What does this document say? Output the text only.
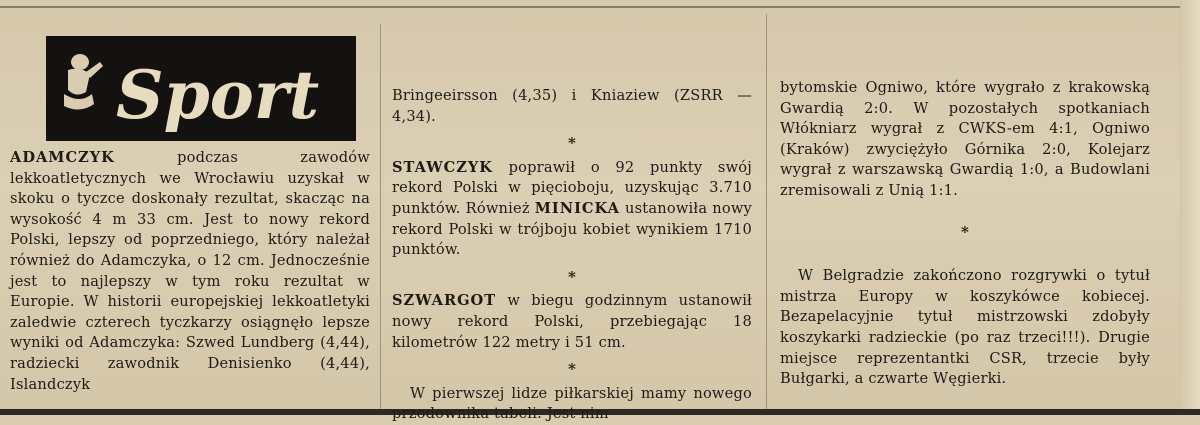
Sport

ADAMCZYK podczas zawodów lekkoatletycznych we Wrocławiu uzyskał w skoku o tyczce doskonały rezultat, skacząc na wysokość 4 m 33 cm. Jest to nowy rekord Polski, lepszy od poprzedniego, który należał również do Adamczyka, o 12 cm. Jednocześnie jest to najlepszy w tym roku rezultat w Europie. W historii europejskiej lekkoatletyki zaledwie czterech tyczkarzy osiągnęło lepsze wyniki od Adamczyka: Szwed Lundberg (4,44), radziecki zawodnik Denisienko (4,44), Islandczyk

Bringeeirsson (4,35) i Kniaziew (ZSRR — 4,34).

*

STAWCZYK poprawił o 92 punkty swój rekord Polski w pięcioboju, uzyskując 3.710 punktów. Również MINICKA ustanowiła nowy rekord Polski w trójboju kobiet wynikiem 1710 punktów.

*

SZWARGOT w biegu godzinnym ustanowił nowy rekord Polski, przebiegając 18 kilometrów 122 metry i 51 cm.

*

W pierwszej lidze piłkarskiej mamy nowego przodownika tabeli. Jest nim

bytomskie Ogniwo, które wygrało z krakowską Gwardią 2:0. W pozostałych spotkaniach Włókniarz wygrał z CWKS-em 4:1, Ogniwo (Kraków) zwyciężyło Górnika 2:0, Kolejarz wygrał z warszawską Gwardią 1:0, a Budowlani zremisowali z Unią 1:1.

*

W Belgradzie zakończono rozgrywki o tytuł mistrza Europy w koszykówce kobiecej. Bezapelacyjnie tytuł mistrzowski zdobyły koszykarki radzieckie (po raz trzeci!!!). Drugie miejsce reprezentantki CSR, trzecie były Bułgarki, a czwarte Węgierki.
